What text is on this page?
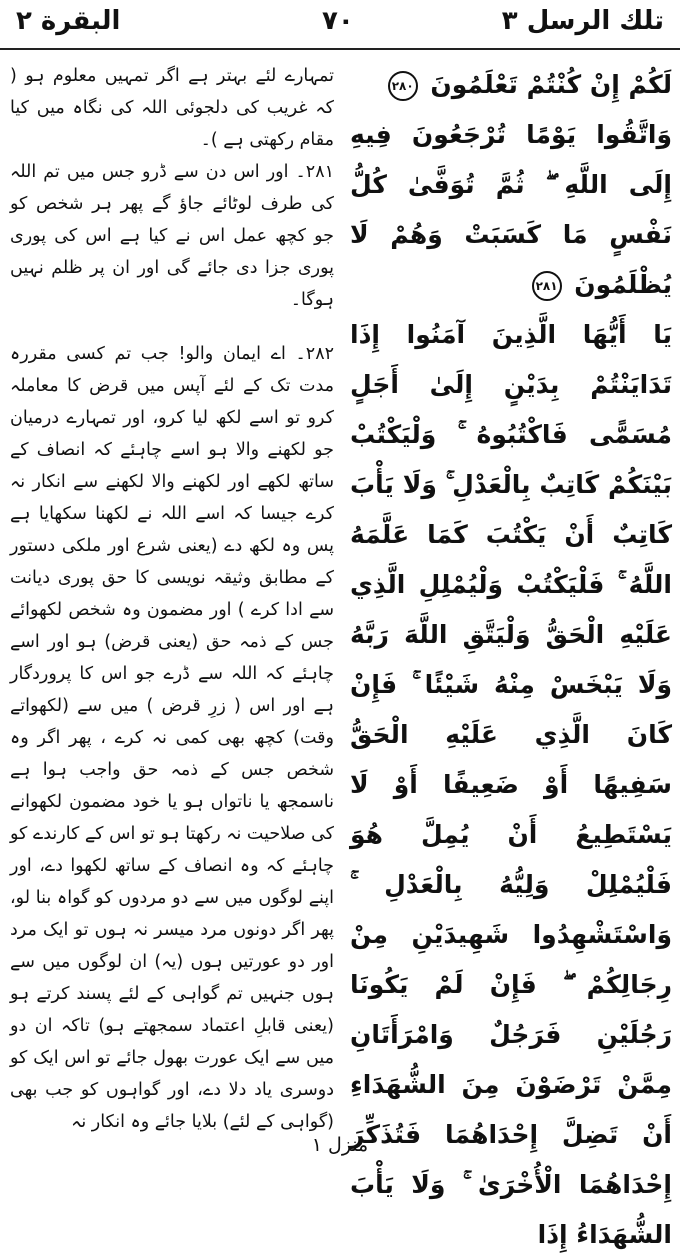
البقرة ٢	٧٠	تلك الرسل ٣

تمہارے لئے بہتر ہے اگر تمہیں معلوم ہو ( کہ غریب کی دلجوئی اللہ کی نگاہ میں کیا مقام رکھتی ہے )۔

۲۸۱۔ اور اس دن سے ڈرو جس میں تم اللہ کی طرف لوٹائے جاؤ گے پھر ہر شخص کو جو کچھ عمل اس نے کیا ہے اس کی پوری پوری جزا دی جائے گی اور ان پر ظلم نہیں ہوگا۔

۲۸۲۔ اے ایمان والو! جب تم کسی مقررہ مدت تک کے لئے آپس میں قرض کا معاملہ کرو تو اسے لکھ لیا کرو، اور تمہارے درمیان جو لکھنے والا ہو اسے چاہئے کہ انصاف کے ساتھ لکھے اور لکھنے والا لکھنے سے انکار نہ کرے جیسا کہ اسے اللہ نے لکھنا سکھایا ہے پس وہ لکھ دے (یعنی شرع اور ملکی دستور کے مطابق وثیقہ نویسی کا حق پوری دیانت سے ادا کرے ) اور مضمون وہ شخص لکھوائے جس کے ذمہ حق (یعنی قرض) ہو اور اسے چاہئے کہ اللہ سے ڈرے جو اس کا پروردگار ہے اور اس ( زرِ قرض ) میں سے (لکھواتے وقت) کچھ بھی کمی نہ کرے ، پھر اگر وہ شخص جس کے ذمہ حق واجب ہوا ہے ناسمجھ یا ناتواں ہو یا خود مضمون لکھوانے کی صلاحیت نہ رکھتا ہو تو اس کے کارندے کو چاہئے کہ وہ انصاف کے ساتھ لکھوا دے، اور اپنے لوگوں میں سے دو مردوں کو گواہ بنا لو، پھر اگر دونوں مرد میسر نہ ہوں تو ایک مرد اور دو عورتیں ہوں (یہ) ان لوگوں میں سے ہوں جنہیں تم گواہی کے لئے پسند کرتے ہو (یعنی قابلِ اعتماد سمجھتے ہو) تاکہ ان دو میں سے ایک عورت بھول جائے تو اس ایک کو دوسری یاد دلا دے، اور گواہوں کو جب بھی (گواہی کے لئے) بلایا جائے وہ انکار نہ

لَكُمْ إِنْ كُنْتُمْ تَعْلَمُونَ ٢٨٠

وَاتَّقُوا يَوْمًا تُرْجَعُونَ فِيهِ إِلَى اللَّهِ ۖ ثُمَّ تُوَفَّىٰ كُلُّ نَفْسٍ مَا كَسَبَتْ وَهُمْ لَا يُظْلَمُونَ ٢٨١

يَا أَيُّهَا الَّذِينَ آمَنُوا إِذَا تَدَايَنْتُمْ بِدَيْنٍ إِلَىٰ أَجَلٍ مُسَمًّى فَاكْتُبُوهُ ۚ وَلْيَكْتُبْ بَيْنَكُمْ كَاتِبٌ بِالْعَدْلِ ۚ وَلَا يَأْبَ كَاتِبٌ أَنْ يَكْتُبَ كَمَا عَلَّمَهُ اللَّهُ ۚ فَلْيَكْتُبْ وَلْيُمْلِلِ الَّذِي عَلَيْهِ الْحَقُّ وَلْيَتَّقِ اللَّهَ رَبَّهُ وَلَا يَبْخَسْ مِنْهُ شَيْئًا ۚ فَإِنْ كَانَ الَّذِي عَلَيْهِ الْحَقُّ سَفِيهًا أَوْ ضَعِيفًا أَوْ لَا يَسْتَطِيعُ أَنْ يُمِلَّ هُوَ فَلْيُمْلِلْ وَلِيُّهُ بِالْعَدْلِ ۚ وَاسْتَشْهِدُوا شَهِيدَيْنِ مِنْ رِجَالِكُمْ ۖ فَإِنْ لَمْ يَكُونَا رَجُلَيْنِ فَرَجُلٌ وَامْرَأَتَانِ مِمَّنْ تَرْضَوْنَ مِنَ الشُّهَدَاءِ أَنْ تَضِلَّ إِحْدَاهُمَا فَتُذَكِّرَ إِحْدَاهُمَا الْأُخْرَىٰ ۚ وَلَا يَأْبَ الشُّهَدَاءُ إِذَا

منزل ١
